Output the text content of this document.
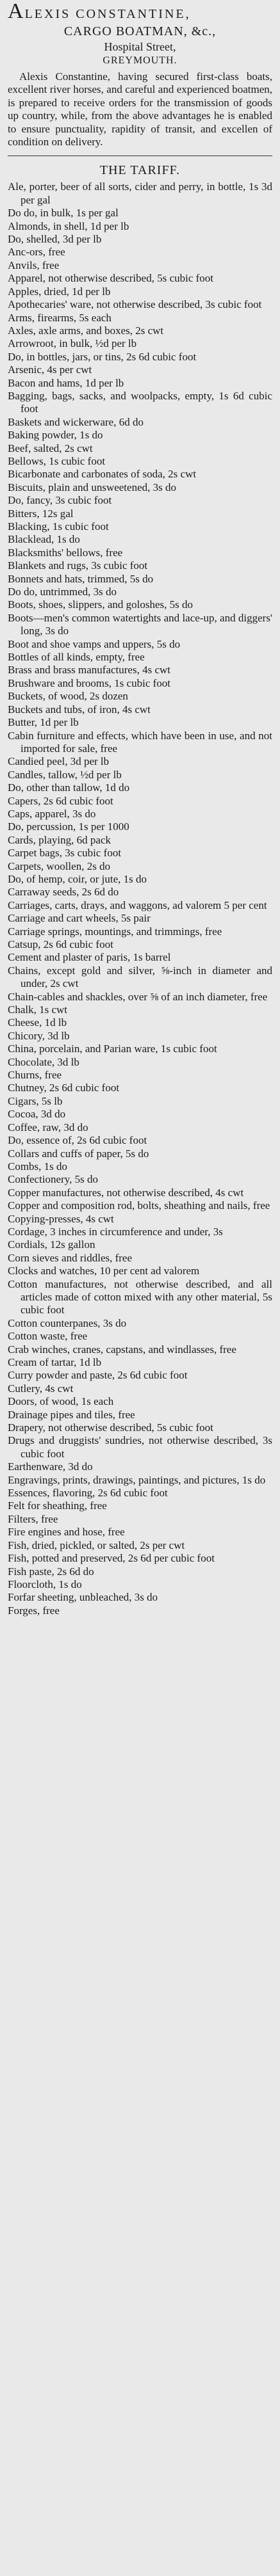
ALEXIS CONSTANTINE,
CARGO BOATMAN, &c.,
Hospital Street,
GREYMOUTH.

Alexis Constantine, having secured first-class boats, excellent river horses, and careful and experienced boatmen, is prepared to receive orders for the transmission of goods up country, while, from the above advantages he is enabled to ensure punctuality, rapidity of transit, and excellen of condition on delivery.

THE TARIFF.
Ale, porter, beer of all sorts, cider and perry, in bottle, 1s 3d per gal
Do do, in bulk, 1s per gal
Almonds, in shell, 1d per lb
Do, shelled, 3d per lb
Anc-ors, free
Anvils, free
Apparel, not otherwise described, 5s cubic foot
Apples, dried, 1d per lb
Apothecaries' ware, not otherwise described, 3s cubic foot
Arms, firearms, 5s each
Axles, axle arms, and boxes, 2s cwt
Arrowroot, in bulk, ½d per lb
Do, in bottles, jars, or tins, 2s 6d cubic foot
Arsenic, 4s per cwt
Bacon and hams, 1d per lb
Bagging, bags, sacks, and woolpacks, empty, 1s 6d cubic foot
Baskets and wickerware, 6d do
Baking powder, 1s do
Beef, salted, 2s cwt
Bellows, 1s cubic foot
Bicarbonate and carbonates of soda, 2s cwt
Biscuits, plain and unsweetened, 3s do
Do, fancy, 3s cubic foot
Bitters, 12s gal
Blacking, 1s cubic foot
Blacklead, 1s do
Blacksmiths' bellows, free
Blankets and rugs, 3s cubic foot
Bonnets and hats, trimmed, 5s do
Do do, untrimmed, 3s do
Boots, shoes, slippers, and goloshes, 5s do
Boots—men's common watertights and lace-up, and diggers' long, 3s do
Boot and shoe vamps and uppers, 5s do
Bottles of all kinds, empty, free
Brass and brass manufactures, 4s cwt
Brushware and brooms, 1s cubic foot
Buckets, of wood, 2s dozen
Buckets and tubs, of iron, 4s cwt
Butter, 1d per lb
Cabin furniture and effects, which have been in use, and not imported for sale, free
Candied peel, 3d per lb
Candles, tallow, ½d per lb
Do, other than tallow, 1d do
Capers, 2s 6d cubic foot
Caps, apparel, 3s do
Do, percussion, 1s per 1000
Cards, playing, 6d pack
Carpet bags, 3s cubic foot
Carpets, woollen, 2s do
Do, of hemp, coir, or jute, 1s do
Carraway seeds, 2s 6d do
Carriages, carts, drays, and waggons, ad valorem 5 per cent
Carriage and cart wheels, 5s pair
Carriage springs, mountings, and trimmings, free
Catsup, 2s 6d cubic foot
Cement and plaster of paris, 1s barrel
Chains, except gold and silver, ⅝-inch in diameter and under, 2s cwt
Chain-cables and shackles, over ⅝ of an inch diameter, free
Chalk, 1s cwt
Cheese, 1d lb
Chicory, 3d lb
China, porcelain, and Parian ware, 1s cubic foot
Chocolate, 3d lb
Churns, free
Chutney, 2s 6d cubic foot
Cigars, 5s lb
Cocoa, 3d do
Coffee, raw, 3d do
Do, essence of, 2s 6d cubic foot
Collars and cuffs of paper, 5s do
Combs, 1s do
Confectionery, 5s do
Copper manufactures, not otherwise described, 4s cwt
Copper and composition rod, bolts, sheathing and nails, free
Copying-presses, 4s cwt
Cordage, 3 inches in circumference and under, 3s
Cordials, 12s gallon
Corn sieves and riddles, free
Clocks and watches, 10 per cent ad valorem
Cotton manufactures, not otherwise described, and all articles made of cotton mixed with any other material, 5s cubic foot
Cotton counterpanes, 3s do
Cotton waste, free
Crab winches, cranes, capstans, and windlasses, free
Cream of tartar, 1d lb
Curry powder and paste, 2s 6d cubic foot
Cutlery, 4s cwt
Doors, of wood, 1s each
Drainage pipes and tiles, free
Drapery, not otherwise described, 5s cubic foot
Drugs and druggists' sundries, not otherwise described, 3s cubic foot
Earthenware, 3d do
Engravings, prints, drawings, paintings, and pictures, 1s do
Essences, flavoring, 2s 6d cubic foot
Felt for sheathing, free
Filters, free
Fire engines and hose, free
Fish, dried, pickled, or salted, 2s per cwt
Fish, potted and preserved, 2s 6d per cubic foot
Fish paste, 2s 6d do
Floorcloth, 1s do
Forfar sheeting, unbleached, 3s do
Forges, free
